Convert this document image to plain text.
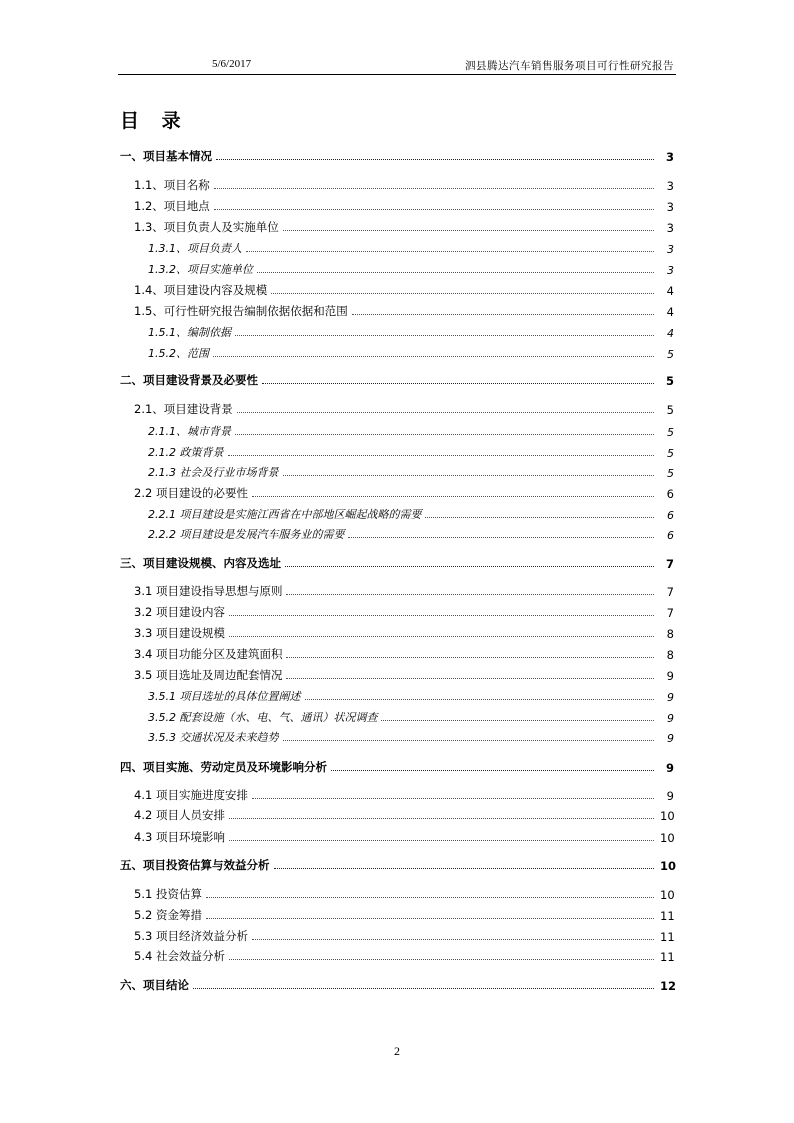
5/6/2017	泗县腾达汽车销售服务项目可行性研究报告
目 录
一、项目基本情况	3
1.1、项目名称	3
1.2、项目地点	3
1.3、项目负责人及实施单位	3
1.3.1、项目负责人	3
1.3.2、项目实施单位	3
1.4、项目建设内容及规模	4
1.5、可行性研究报告编制依据依据和范围	4
1.5.1、编制依据	4
1.5.2、范围	5
二、项目建设背景及必要性	5
2.1、项目建设背景	5
2.1.1、城市背景	5
2.1.2 政策背景	5
2.1.3 社会及行业市场背景	5
2.2 项目建设的必要性	6
2.2.1 项目建设是实施江西省在中部地区崛起战略的需要	6
2.2.2 项目建设是发展汽车服务业的需要	6
三、项目建设规模、内容及选址	7
3.1 项目建设指导思想与原则	7
3.2 项目建设内容	7
3.3 项目建设规模	8
3.4 项目功能分区及建筑面积	8
3.5 项目选址及周边配套情况	9
3.5.1 项目选址的具体位置阐述	9
3.5.2 配套设施（水、电、气、通讯）状况调查	9
3.5.3 交通状况及未来趋势	9
四、项目实施、劳动定员及环境影响分析	9
4.1 项目实施进度安排	9
4.2 项目人员安排	10
4.3 项目环境影响	10
五、项目投资估算与效益分析	10
5.1 投资估算	10
5.2 资金筹措	11
5.3 项目经济效益分析	11
5.4 社会效益分析	11
六、项目结论	12
2
